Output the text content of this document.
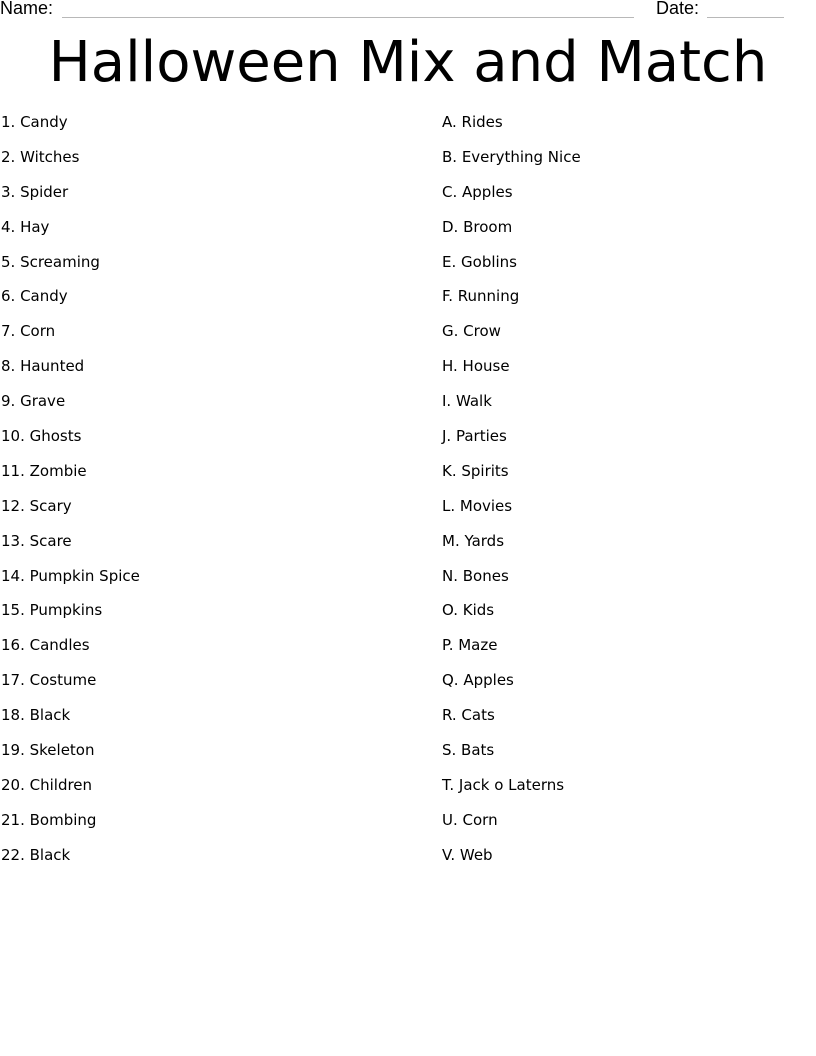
Name:	Date:
Halloween Mix and Match
1. Candy
2. Witches
3. Spider
4. Hay
5. Screaming
6. Candy
7. Corn
8. Haunted
9. Grave
10. Ghosts
11. Zombie
12. Scary
13. Scare
14. Pumpkin Spice
15. Pumpkins
16. Candles
17. Costume
18. Black
19. Skeleton
20. Children
21. Bombing
22. Black
A. Rides
B. Everything Nice
C. Apples
D. Broom
E. Goblins
F. Running
G. Crow
H. House
I. Walk
J. Parties
K. Spirits
L. Movies
M. Yards
N. Bones
O. Kids
P. Maze
Q. Apples
R. Cats
S. Bats
T. Jack o Laterns
U. Corn
V. Web
